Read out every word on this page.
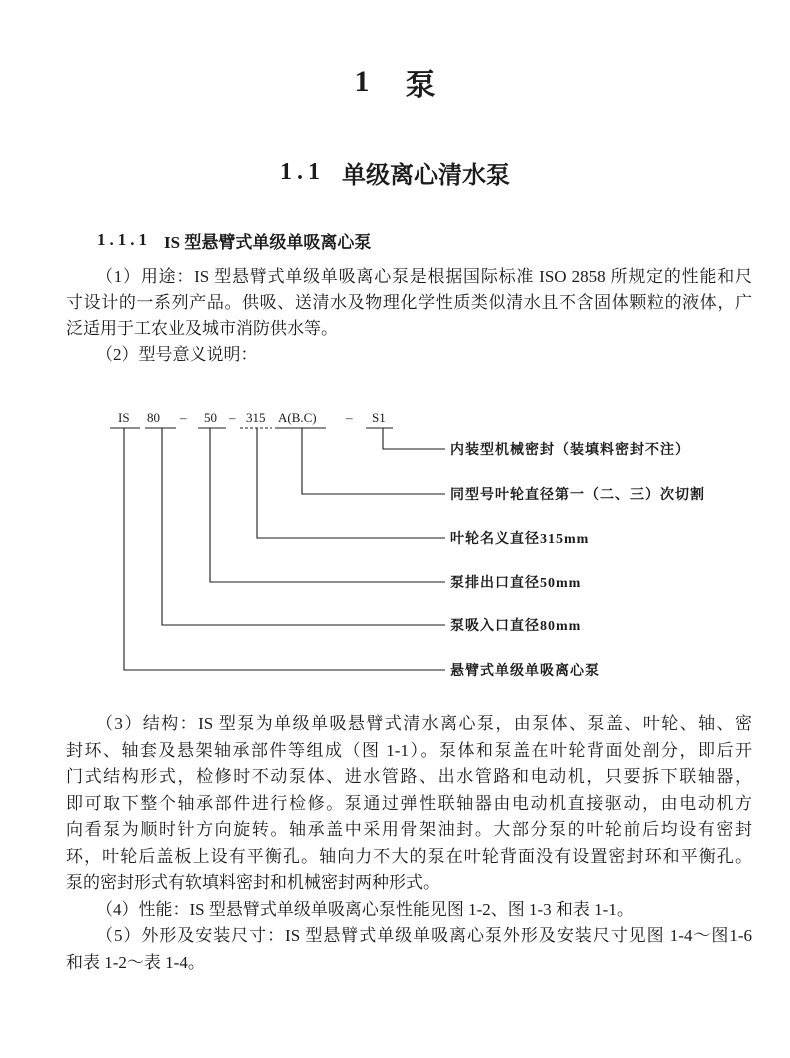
1 泵
1.1 单级离心清水泵
1.1.1 IS 型悬臂式单级单吸离心泵
（1）用途：IS 型悬臂式单级单吸离心泵是根据国际标准 ISO 2858 所规定的性能和尺
寸设计的一系列产品。供吸、送清水及物理化学性质类似清水且不含固体颗粒的液体，广
泛适用于工农业及城市消防供水等。
（2）型号意义说明：
IS 80 – 50 – 315 A(B.C) – S1
内装型机械密封（装填料密封不注）
同型号叶轮直径第一（二、三）次切割
叶轮名义直径315mm
泵排出口直径50mm
泵吸入口直径80mm
悬臂式单级单吸离心泵
（3）结构：IS 型泵为单级单吸悬臂式清水离心泵，由泵体、泵盖、叶轮、轴、密
封环、轴套及悬架轴承部件等组成（图 1-1）。泵体和泵盖在叶轮背面处剖分，即后开
门式结构形式，检修时不动泵体、进水管路、出水管路和电动机，只要拆下联轴器，
即可取下整个轴承部件进行检修。泵通过弹性联轴器由电动机直接驱动，由电动机方
向看泵为顺时针方向旋转。轴承盖中采用骨架油封。大部分泵的叶轮前后均设有密封
环，叶轮后盖板上设有平衡孔。轴向力不大的泵在叶轮背面没有设置密封环和平衡孔。
泵的密封形式有软填料密封和机械密封两种形式。
（4）性能：IS 型悬臂式单级单吸离心泵性能见图 1-2、图 1-3 和表 1-1。
（5）外形及安装尺寸：IS 型悬臂式单级单吸离心泵外形及安装尺寸见图 1-4～图1-6
和表 1-2～表 1-4。
